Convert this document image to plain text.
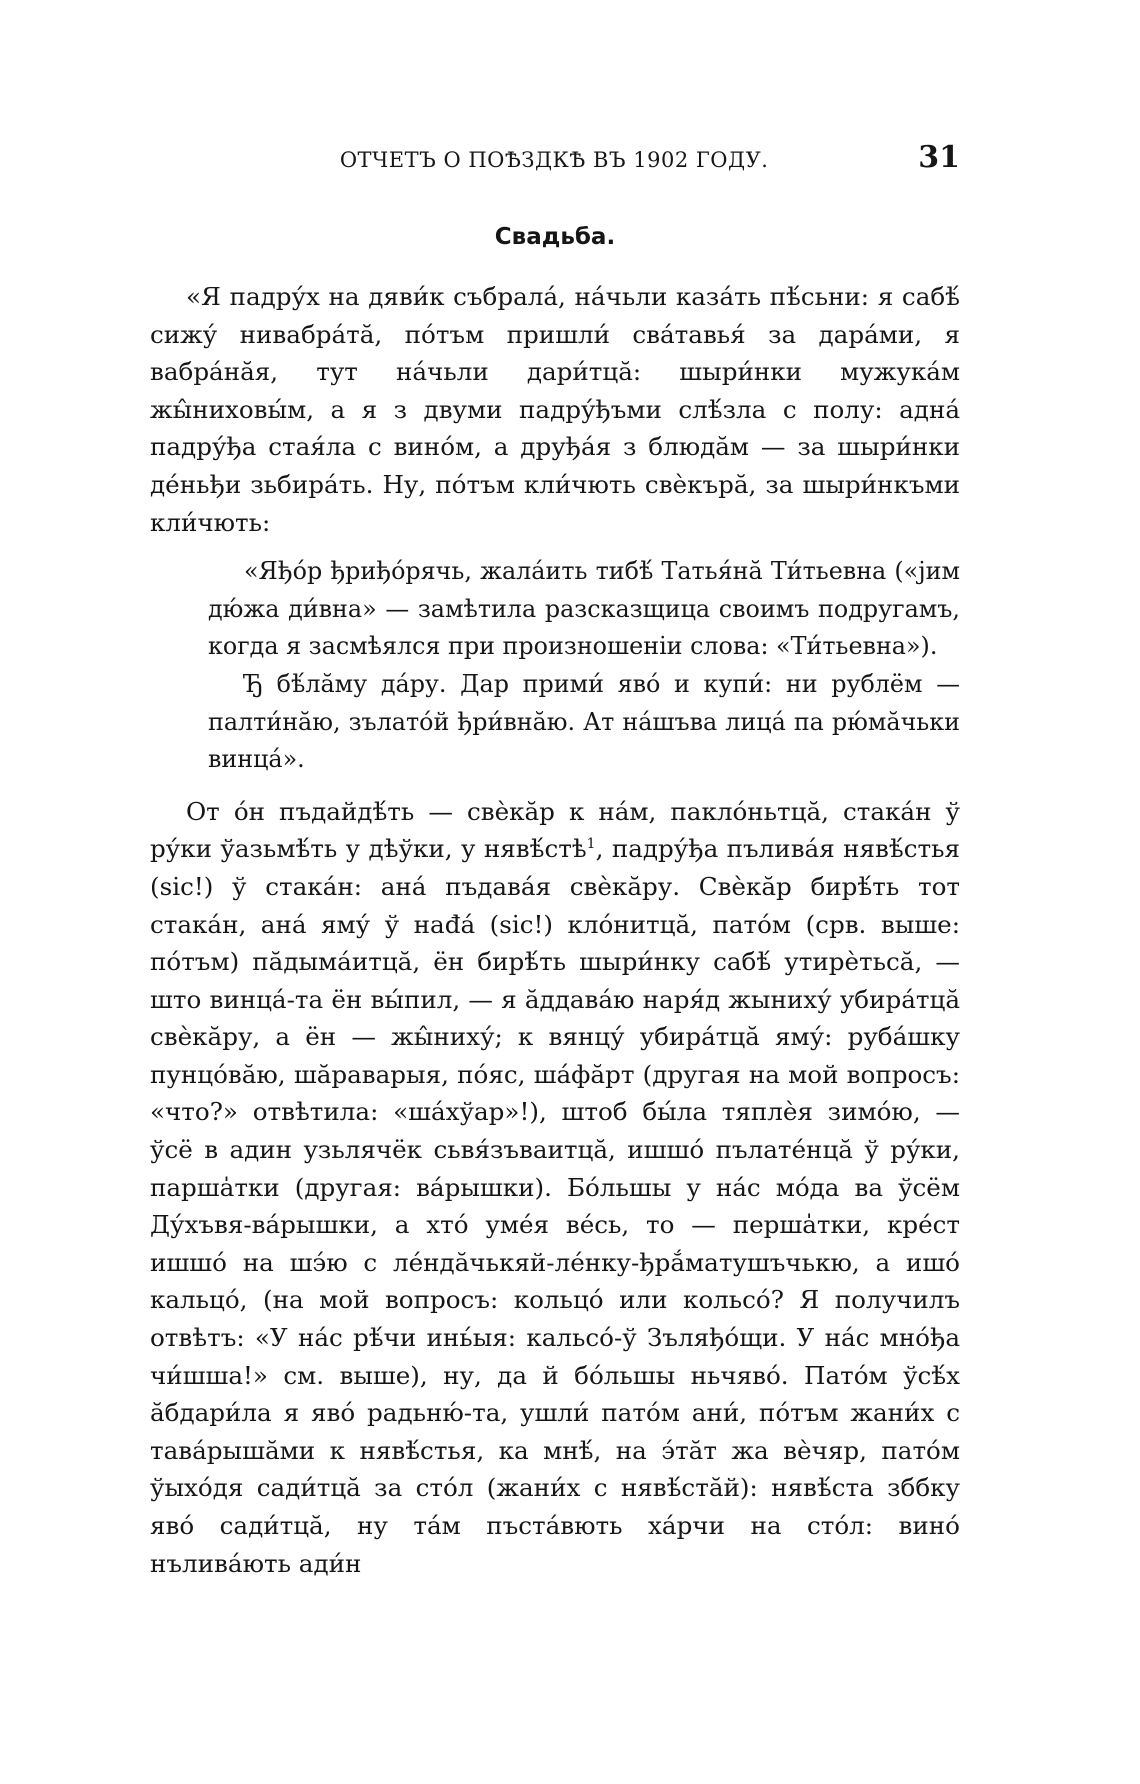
ОТЧЕТЪ О ПОѢЗДКѢ ВЪ 1902 ГОДУ.	31
Свадьба.

«Я падру́х на дяви́к събрала́, на́чьли каза́ть пѣ́сьни: я сабѣ́ сижу́ нивабра́тă, по́тъм пришли́ сва́тавья́ за дара́ми, я вабра́нăя, тут на́чьли дари́тцă: шыри́нки мужука́м жы̂ниховы́м, а я з двуми падру́ђъми слѣ́зла с полу: адна́ падру́ђа стая́ла с вино́м, а друђа́я з блюдăм — за шыри́нки де́ньђи зьбира́ть. Ну, по́тъм кли́чють свѐкърă, за шыри́нкъми кли́чють:

«Яђо́р ђриђо́рячь, жала́ить тибѣ́ Татья́нă Ти́тьевна («јим дю́жа ди́вна» — замѣтила разсказщица своимъ подругамъ, когда я засмѣялся при произношеніи слова: «Ти́тьевна»).

Ђ бѣ́лăму да́ру. Дар прими́ яво́ и купи́: ни рублём — палти́нăю, зълато́й ђри́внăю. Ат на́шъва лица́ па рю́мăчьки винца́».

От о́н пъдайдѣ́ть — свѐкăр к на́м, пакло́ньтцă, стака́н ў ру́ки ўазьмѣ́ть у дѣўки, у нявѣ́стѣ$^1$, падру́ђа пълива́я нявѣ́стья (sic!) ў стака́н: ана́ пъдава́я свѐкăру. Свѐкăр бирѣ́ть тот стака́н, ана́ яму́ ў наđа́ (sic!) кло́нитцă, пато́м (срв. выше: по́тъм) пăдыма́итцă, ён бирѣ́ть шыри́нку сабѣ́ утирѐтьсă, — што винца́-та ён вы́пил, — я ăддава́ю наря́д жыниху́ убира́тцă свѐкăру, а ён — жы̂ниху́; к вянцу́ убира́тцă яму́: руба́шку пунцо́вăю, шăраварыя, по́яс, ша́фăрт (другая на мой вопросъ: «что?» отвѣтила: «ша́хўар»!), штоб бы́ла тяплѐя зимо́ю, — ўсё в адин узьлячёк сьвя́зъваитцă, ишшо́ пълате́нцă ў ру́ки, паршa̍тки (другая: ва́рышки). Бо́льшы у на́с мо́да ва ўсём Ду́хъвя-ва́рышки, а хто́ уме́я ве́сь, то — першa̍тки, кре́ст ишшо́ на шэ́ю с ле́ндăчькяй-ле́нку-ђрắматушъчькю, а ишо́ кальцо́, (на мой вопросъ: кольцо́ или кольсо́? Я получилъ отвѣтъ: «У на́с рѣ́чи инь́ыя: кальсо́-ў Зъляђо́щи. У на́с мно́ђа чи́шша!» см. выше), ну, да й бо́льшы ньчяво́. Пато́м ўсѣ́х ăбдари́ла я яво́ радьню́-та, ушли́ пато́м ани́, по́тъм жани́х с тава́рышăми к нявѣ́стья, ка мнѣ́, на э́тăт жа вѐчяр, пато́м ўыхо́дя сади́тцă за сто́л (жани́х с нявѣ́стăй): нявѣ́ста зббку яво́ сади́тцă, ну та́м пъстáвють ха́рчи на сто́л: вино́ нълива́ють ади́н
